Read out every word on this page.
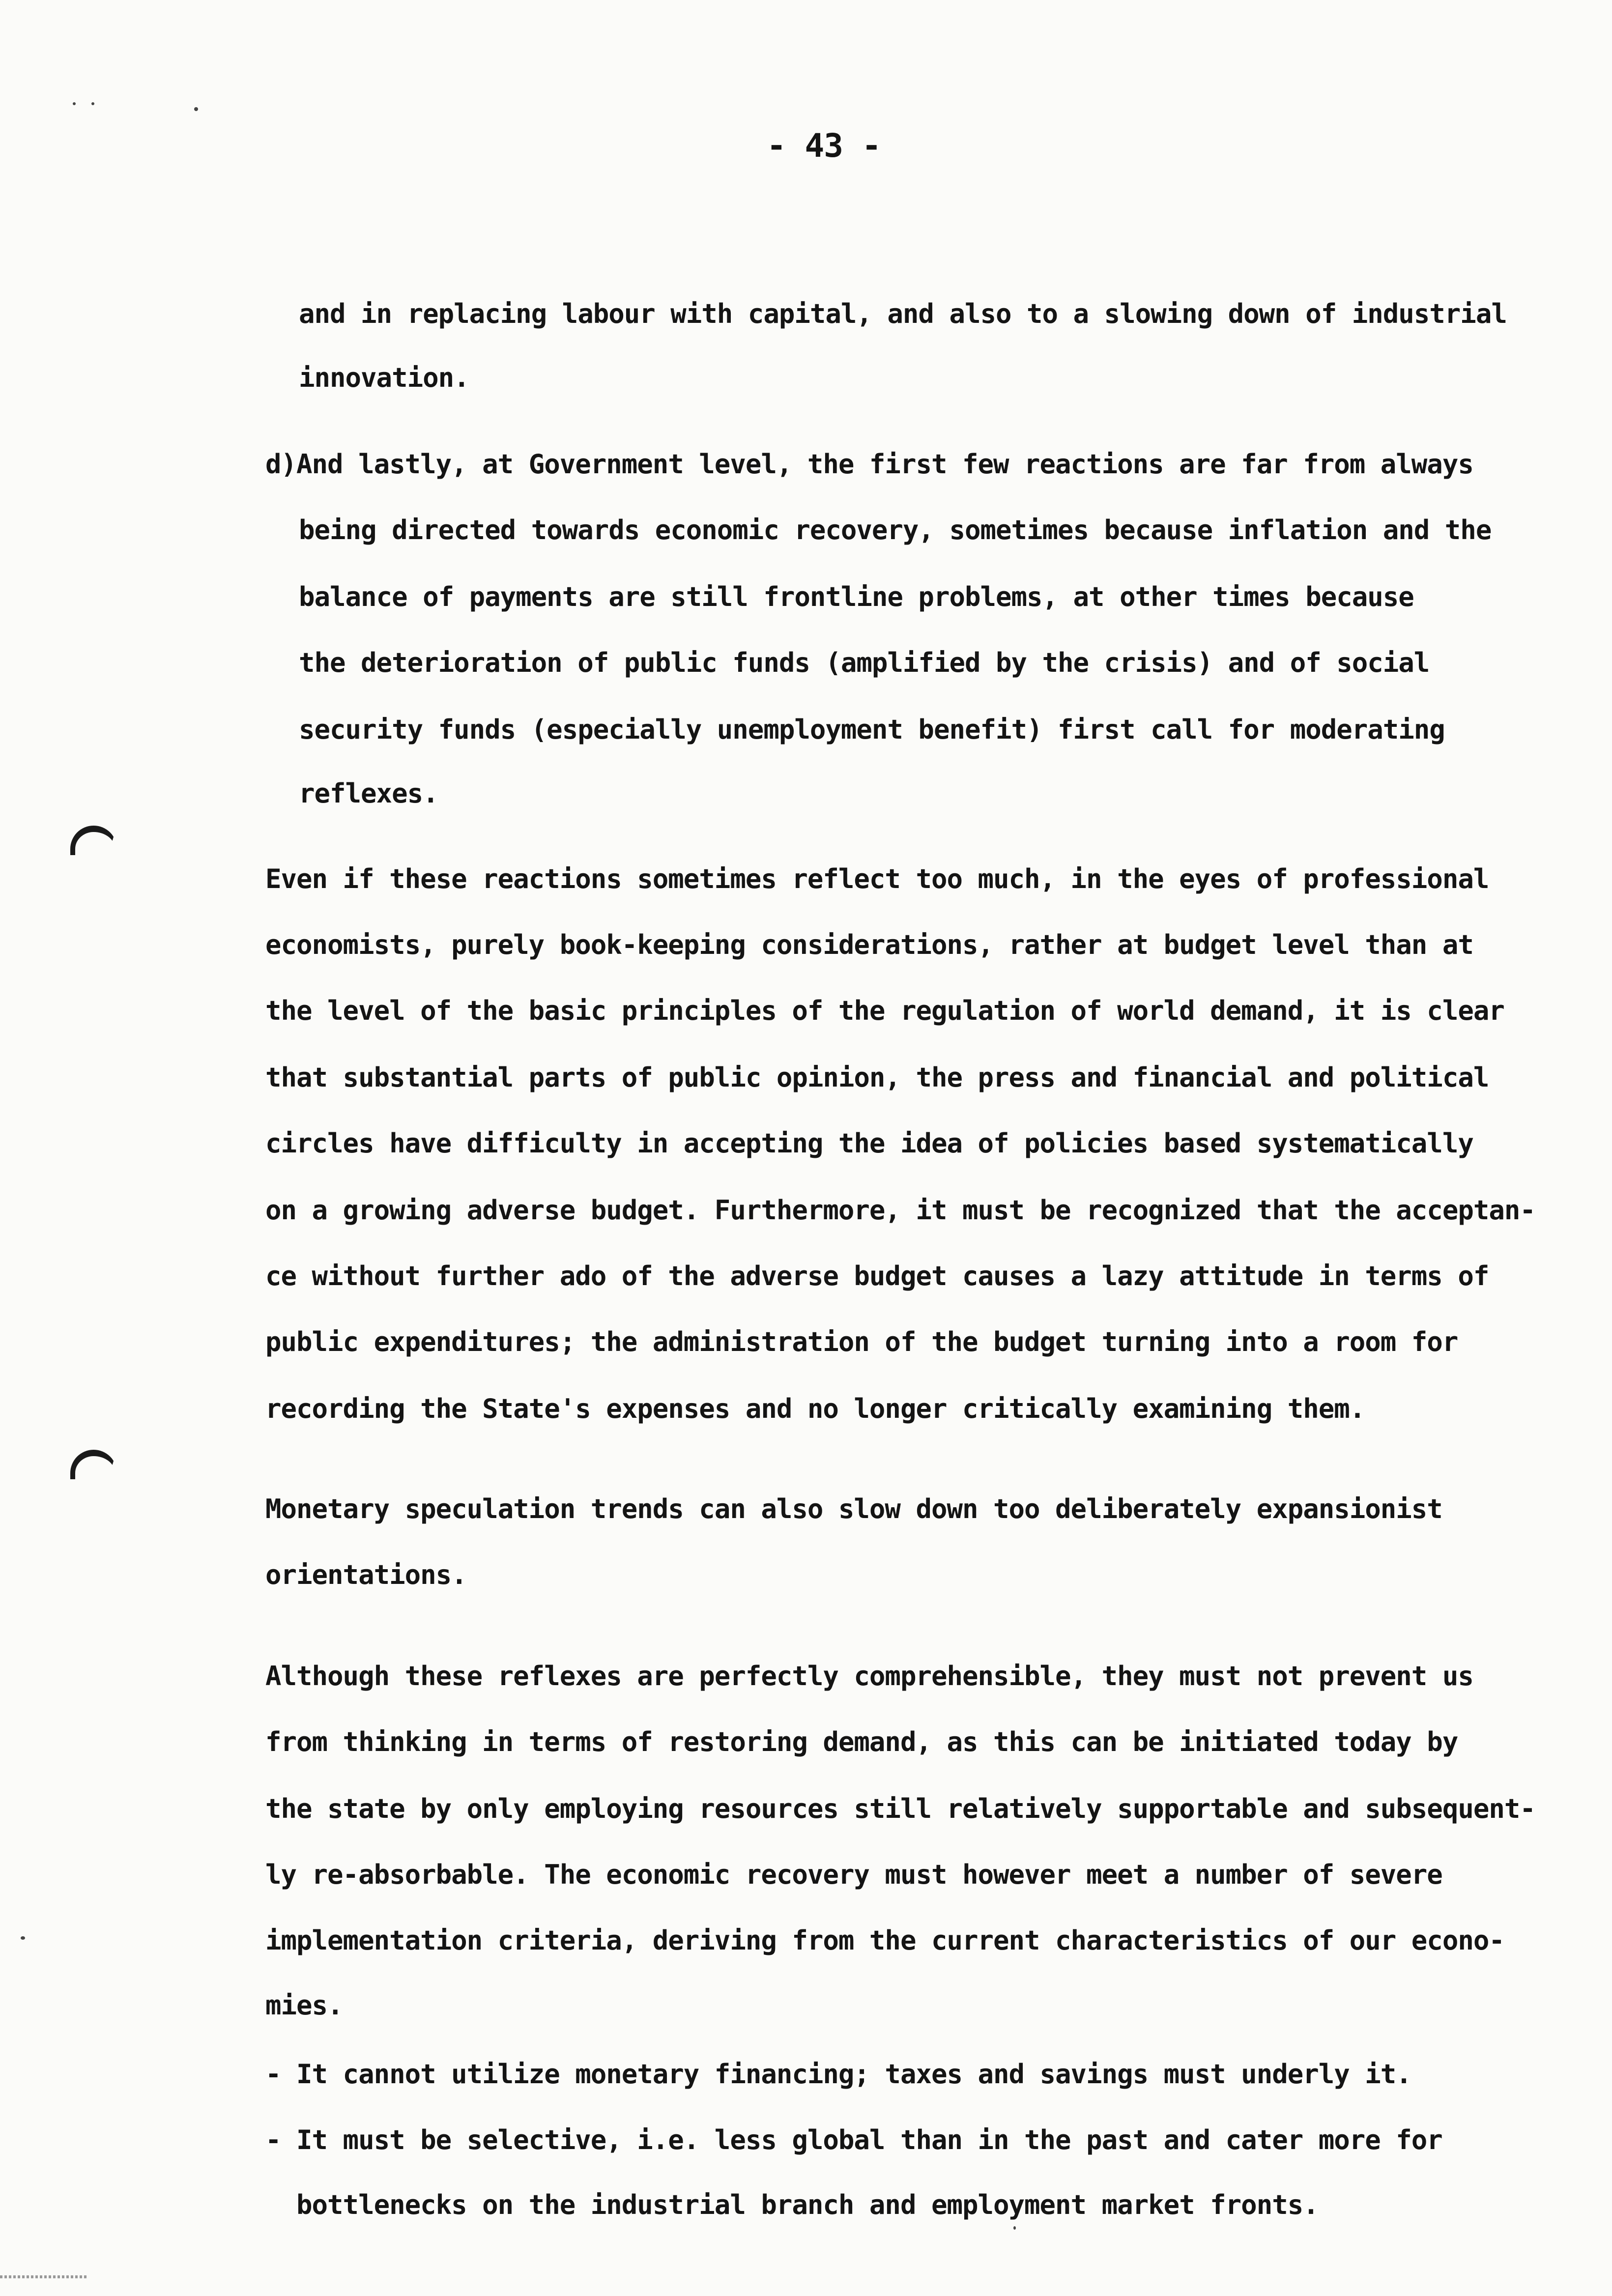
- 43 -
and in replacing labour with capital, and also to a slowing down of industrial
innovation.
d)And lastly, at Government level, the first few reactions are far from always
being directed towards economic recovery, sometimes because inflation and the
balance of payments are still frontline problems, at other times because
the deterioration of public funds (amplified by the crisis) and of social
security funds (especially unemployment benefit) first call for moderating
reflexes.
Even if these reactions sometimes reflect too much, in the eyes of professional
economists, purely book-keeping considerations, rather at budget level than at
the level of the basic principles of the regulation of world demand, it is clear
that substantial parts of public opinion, the press and financial and political
circles have difficulty in accepting the idea of policies based systematically
on a growing adverse budget. Furthermore, it must be recognized that the acceptan-
ce without further ado of the adverse budget causes a lazy attitude in terms of
public expenditures; the administration of the budget turning into a room for
recording the State's expenses and no longer critically examining them.
Monetary speculation trends can also slow down too deliberately expansionist
orientations.
Although these reflexes are perfectly comprehensible, they must not prevent us
from thinking in terms of restoring demand, as this can be initiated today by
the state by only employing resources still relatively supportable and subsequent-
ly re-absorbable. The economic recovery must however meet a number of severe
implementation criteria, deriving from the current characteristics of our econo-
mies.
- It cannot utilize monetary financing; taxes and savings must underly it.
- It must be selective, i.e. less global than in the past and cater more for
bottlenecks on the industrial branch and employment market fronts.
